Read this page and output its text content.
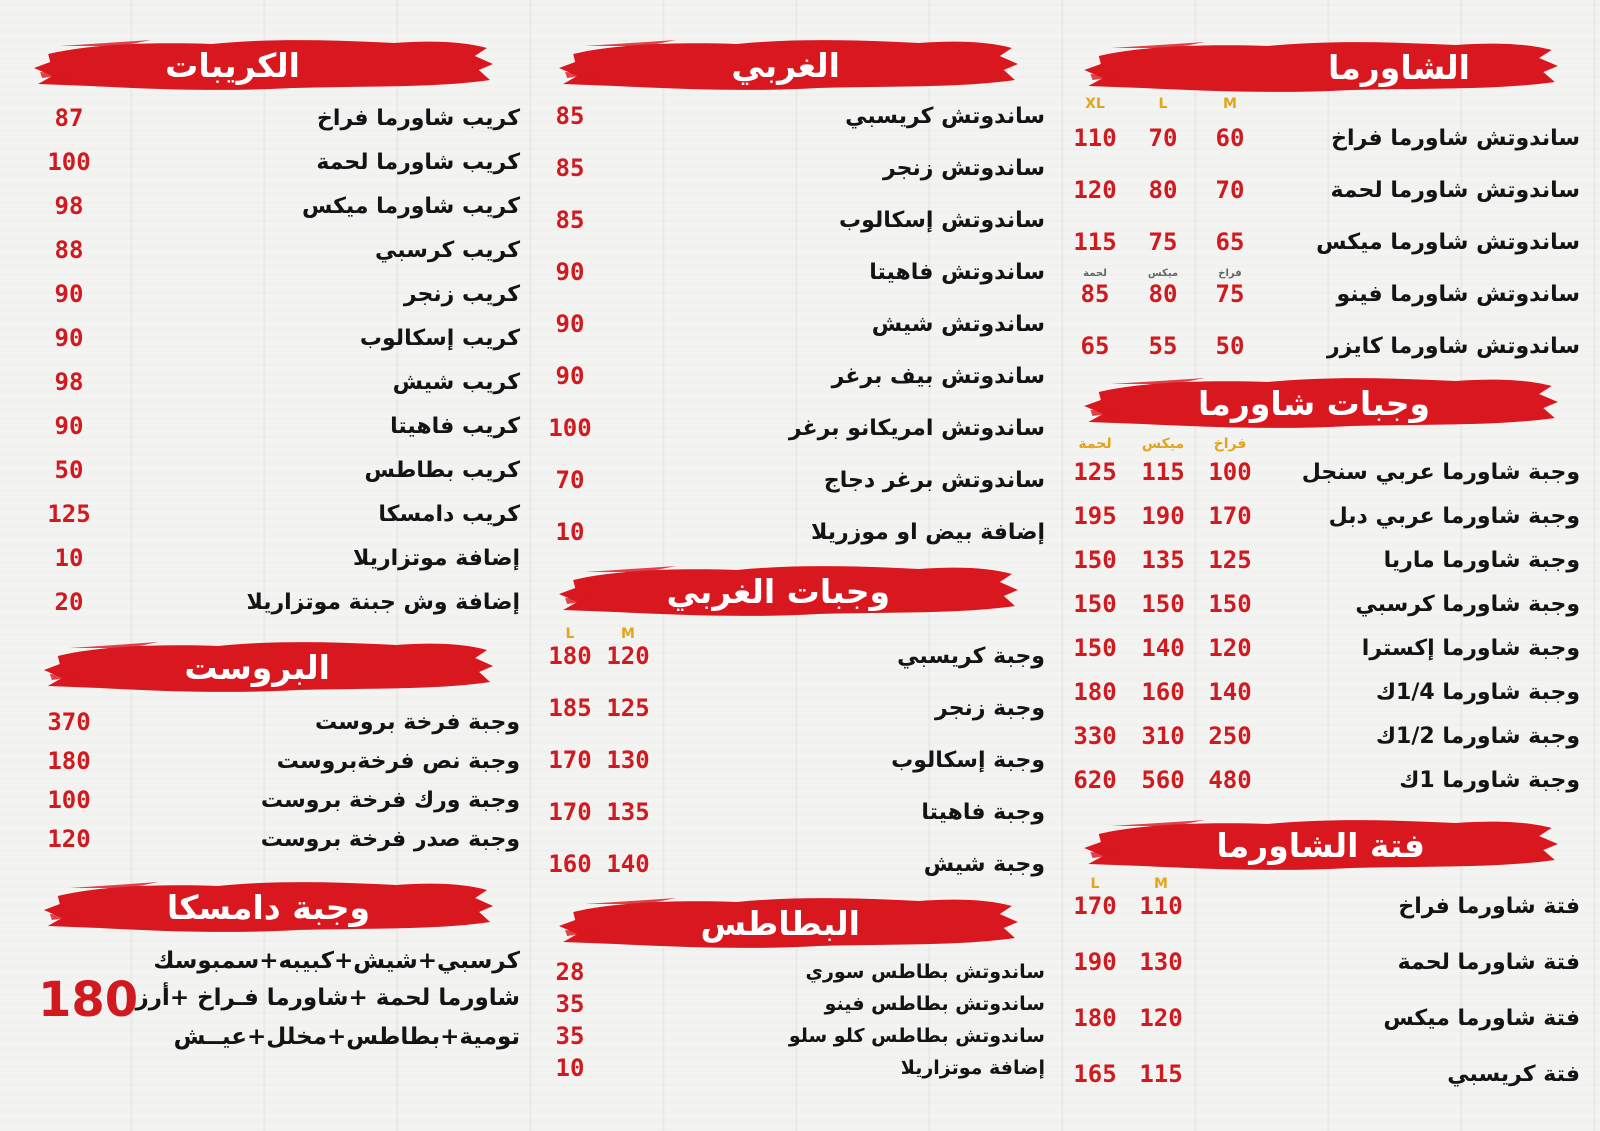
الشاورما
XL	L	M
ساندوتش شاورما فراخ
110	70	60
ساندوتش شاورما لحمة
120	80	70
ساندوتش شاورما ميكس
115	75	65
ساندوتش شاورما فينو
85	80	75
ساندوتش شاورما كايزر
65	55	50
لحمة	ميكس	فراخ
وجبات شاورما
لحمة	ميكس	فراخ
وجبة شاورما عربي سنجل
125	115 100
وجبة شاورما عربي دبل
195	190 170
وجبة شاورما ماريا
150	135 125
وجبة شاورما كرسبي
150	150 150
وجبة شاورما إكسترا
150	140 120
وجبة شاورما 1/4ك
180	160 140
وجبة شاورما 1/2ك
330	310 250
وجبة شاورما 1ك
620	560 480
فتة الشاورما
L	M
فتة شاورما فراخ
170 110
فتة شاورما لحمة
190 130
فتة شاورما ميكس
180 120
فتة كريسبي
165 115
الغربي
ساندوتش كريسبي
85
ساندوتش زنجر
85
ساندوتش إسكالوب
85
ساندوتش فاهيتا
90
ساندوتش شيش
90
ساندوتش بيف برغر
90
ساندوتش امريكانو برغر
100
ساندوتش برغر دجاج
70
إضافة بيض او موزريلا
10
وجبات الغربي
L	M
وجبة كريسبي
180 120
وجبة زنجر
185 125
وجبة إسكالوب
170 130
وجبة فاهيتا
170 135
وجبة شيش
160 140
البطاطس
ساندوتش بطاطس سوري
28
ساندوتش بطاطس فينو
35
ساندوتش بطاطس كلو سلو
35
إضافة موتزاريلا
10
الكريبات
كريب شاورما فراخ
87
كريب شاورما لحمة
100
كريب شاورما ميكس
98
كريب كرسبي
88
كريب زنجر
90
كريب إسكالوب
90
كريب شيش
98
كريب فاهيتا
90
كريب بطاطس
50
كريب دامسكا
125
إضافة موتزاريلا
10
إضافة وش جبنة موتزاريلا
20
البروست
وجبة فرخة بروست
370
وجبة نص فرخةبروست
180
وجبة ورك فرخة بروست
100
وجبة صدر فرخة بروست
120
وجبة دامسكا
180
كرسبي+شيش+كبيبه+سمبوسك
شاورما لحمة +شاورما فـراخ +أرز
تومية+بطاطس+مخلل+عيــش
